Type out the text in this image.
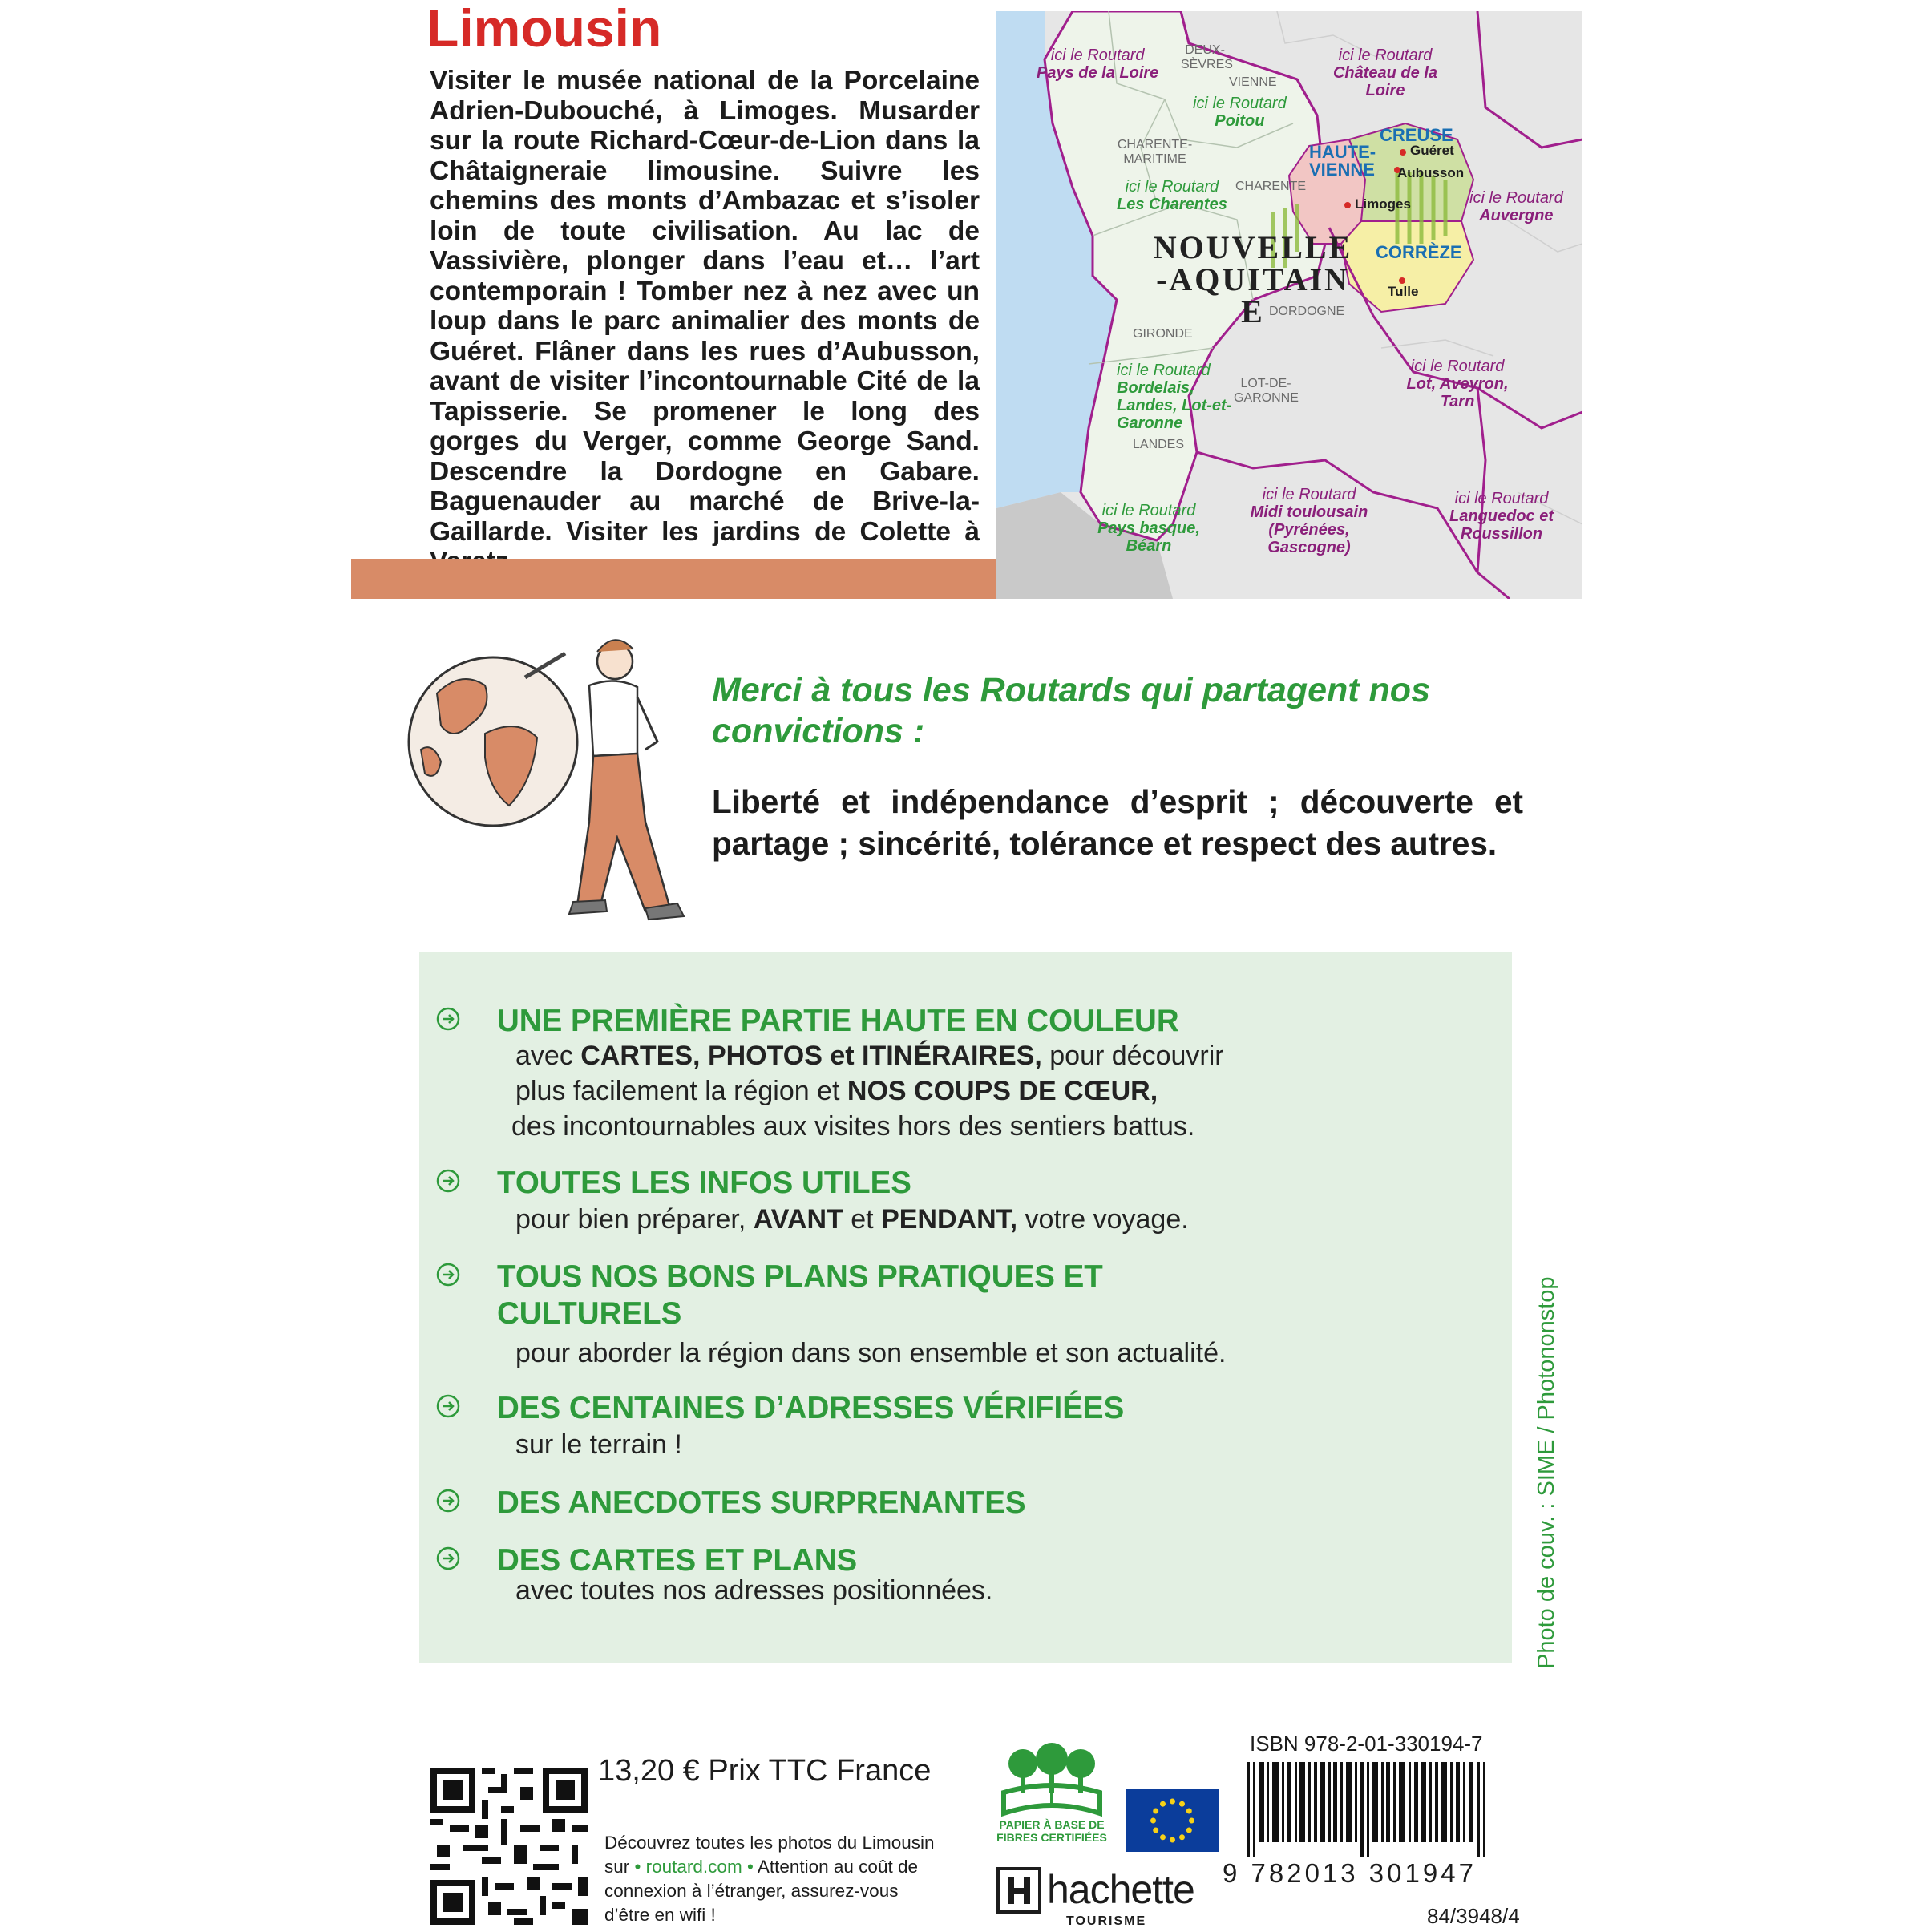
Limousin

Visiter le musée national de la Porcelaine Adrien-Dubouché, à Limoges. Musarder sur la route Richard-Cœur-de-Lion dans la Châtaigneraie limousine. Suivre les chemins des monts d’Ambazac et s’isoler loin de toute civilisation. Au lac de Vassivière, plonger dans l’eau et… l’art contemporain ! Tomber nez à nez avec un loup dans le parc animalier des monts de Guéret. Flâner dans les rues d’Aubusson, avant de visiter l’incontournable Cité de la Tapisserie. Se promener le long des gorges du Verger, comme George Sand. Descendre la Dordogne en Gabare. Baguenauder au marché de Brive-la-Gaillarde. Visiter les jardins de Colette à

ici le Routard
Pays de la Loire
ici le Routard
Château de la Loire
ici le Routard
Poitou
ici le Routard
Les Charentes	ici le Routard
Auvergne
ici le Routard
Bordelais, Landes, Lot-et-Garonne
ici le Routard
Lot, Aveyron, Tarn
ici le Routard
Pays basque, Béarn
ici le Routard
Midi toulousain (Pyrénées, Gascogne)
ici le Routard
Languedoc et Roussillon
DEUX-SÈVRES
VIENNE
CHARENTE-MARITIME
CHARENTE
DORDOGNE
GIRONDE
LOT-DE-GARONNE
LANDES
HAUTE-VIENNE
CREUSE
CORRÈZE
Guéret
Aubusson
Limoges
Tulle
NOUVELLE-AQUITAINE

Merci à tous les Routards qui partagent nos convictions :

Liberté et indépendance d’esprit ; découverte et partage ; sincérité, tolérance et respect des autres.

UNE PREMIÈRE PARTIE HAUTE EN COULEUR

avec CARTES, PHOTOS et ITINÉRAIRES, pour découvrir

plus facilement la région et NOS COUPS DE CŒUR,

des incontournables aux visites hors des sentiers battus.

TOUTES LES INFOS UTILES

pour bien préparer, AVANT et PENDANT, votre voyage.

TOUS NOS BONS PLANS PRATIQUES ET CULTURELS

pour aborder la région dans son ensemble et son actualité.

DES CENTAINES D’ADRESSES VÉRIFIÉES

sur le terrain !

DES ANECDOTES SURPRENANTES

DES CARTES ET PLANS

avec toutes nos adresses positionnées.	Photo de couv. : SIME / Photononstop
13,20 € Prix TTC France

Découvrez toutes les photos du Limousin sur • routard.com • Attention au coût de connexion à l’étranger, assurez-vous d’être en wifi !

PAPIER À BASE DE FIBRES CERTIFIÉES
hachette
TOURISME
ISBN 978-2-01-330194-7
9 782013 301947
84/3948/4
